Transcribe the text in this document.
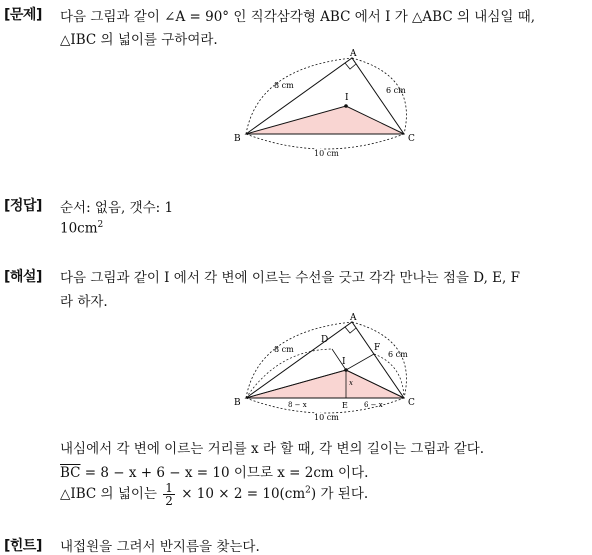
[문제] 다음 그림과 같이 ∠A = 90° 인 직각삼각형 ABC 에서 I 가 △ABC 의 내심일 때,
△IBC 의 넓이를 구하여라.
A
B	C
I
8 cm
6 cm
10 cm
[정답] 순서: 없음, 갯수: 1
$10cm^2$
[해설] 다음 그림과 같이 I 에서 각 변에 이르는 수선을 긋고 각각 만나는 점을 D, E, F
라 하자.
A
B	C
D
E
F
I
x
8 cm
6 cm
8 − x	6 − x
10 cm
내심에서 각 변에 이르는 거리를 x 라 할 때, 각 변의 길이는 그림과 같다.
$\overline{BC} = 8 - x + 6 - x = 10$ 이므로 x = 2cm 이다.
△IBC 의 넓이는 $\frac{1}{2} \times 10 \times 2 = 10(cm^2)$ 가 된다.
[힌트] 내접원을 그려서 반지름을 찾는다.
